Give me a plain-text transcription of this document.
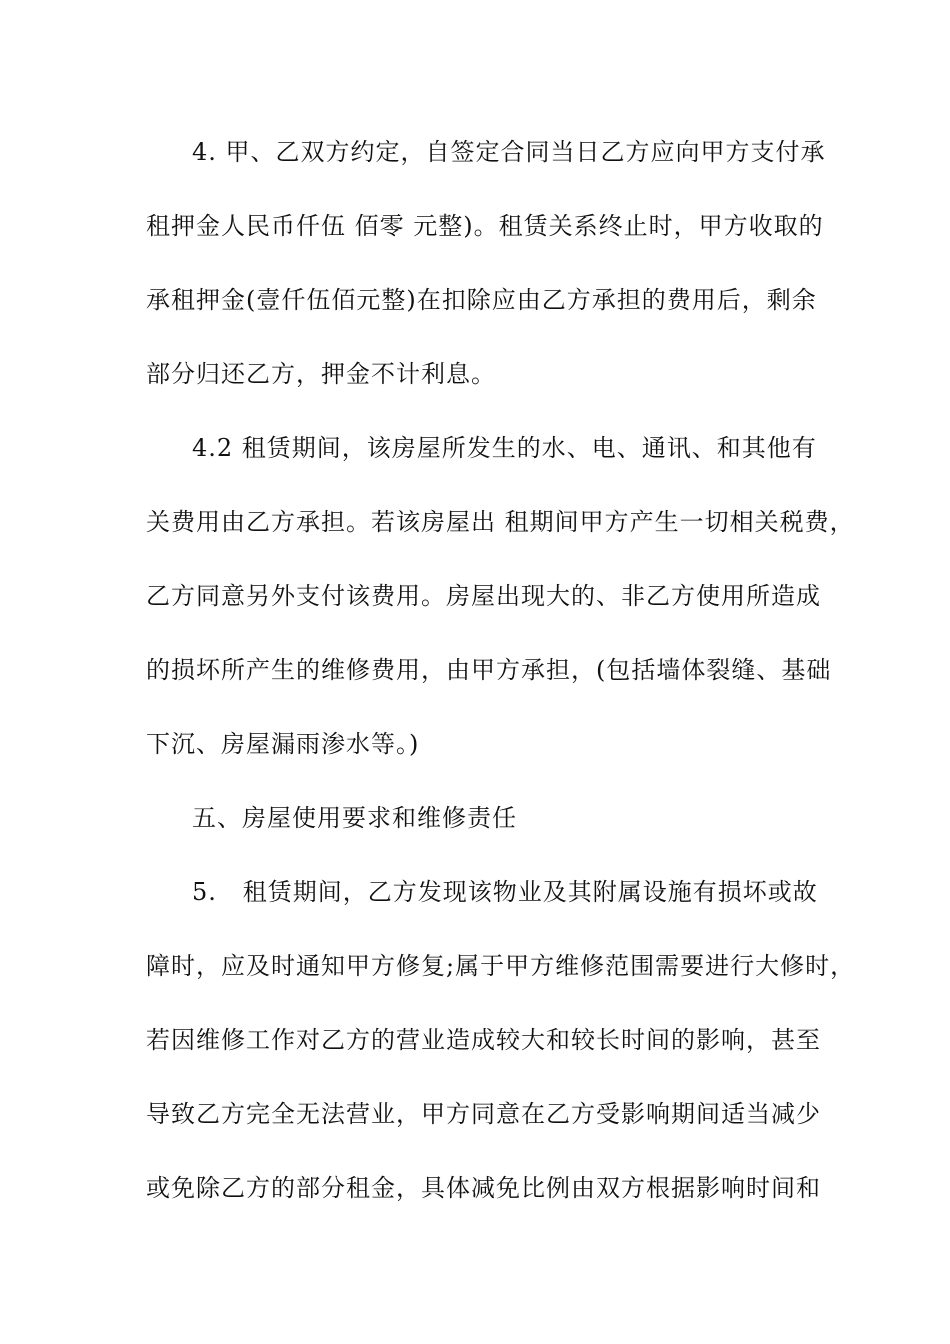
4. 甲、乙双方约定，自签定合同当日乙方应向甲方支付承

租押金人民币仟伍 佰零 元整)。租赁关系终止时，甲方收取的

承租押金(壹仟伍佰元整)在扣除应由乙方承担的费用后，剩余

部分归还乙方，押金不计利息。

4.2 租赁期间，该房屋所发生的水、电、通讯、和其他有

关费用由乙方承担。若该房屋出 租期间甲方产生一切相关税费，

乙方同意另外支付该费用。房屋出现大的、非乙方使用所造成

的损坏所产生的维修费用，由甲方承担，(包括墙体裂缝、基础

下沉、房屋漏雨渗水等。)

五、房屋使用要求和维修责任

5.   租赁期间，乙方发现该物业及其附属设施有损坏或故

障时，应及时通知甲方修复;属于甲方维修范围需要进行大修时，

若因维修工作对乙方的营业造成较大和较长时间的影响，甚至

导致乙方完全无法营业，甲方同意在乙方受影响期间适当减少

或免除乙方的部分租金，具体减免比例由双方根据影响时间和
